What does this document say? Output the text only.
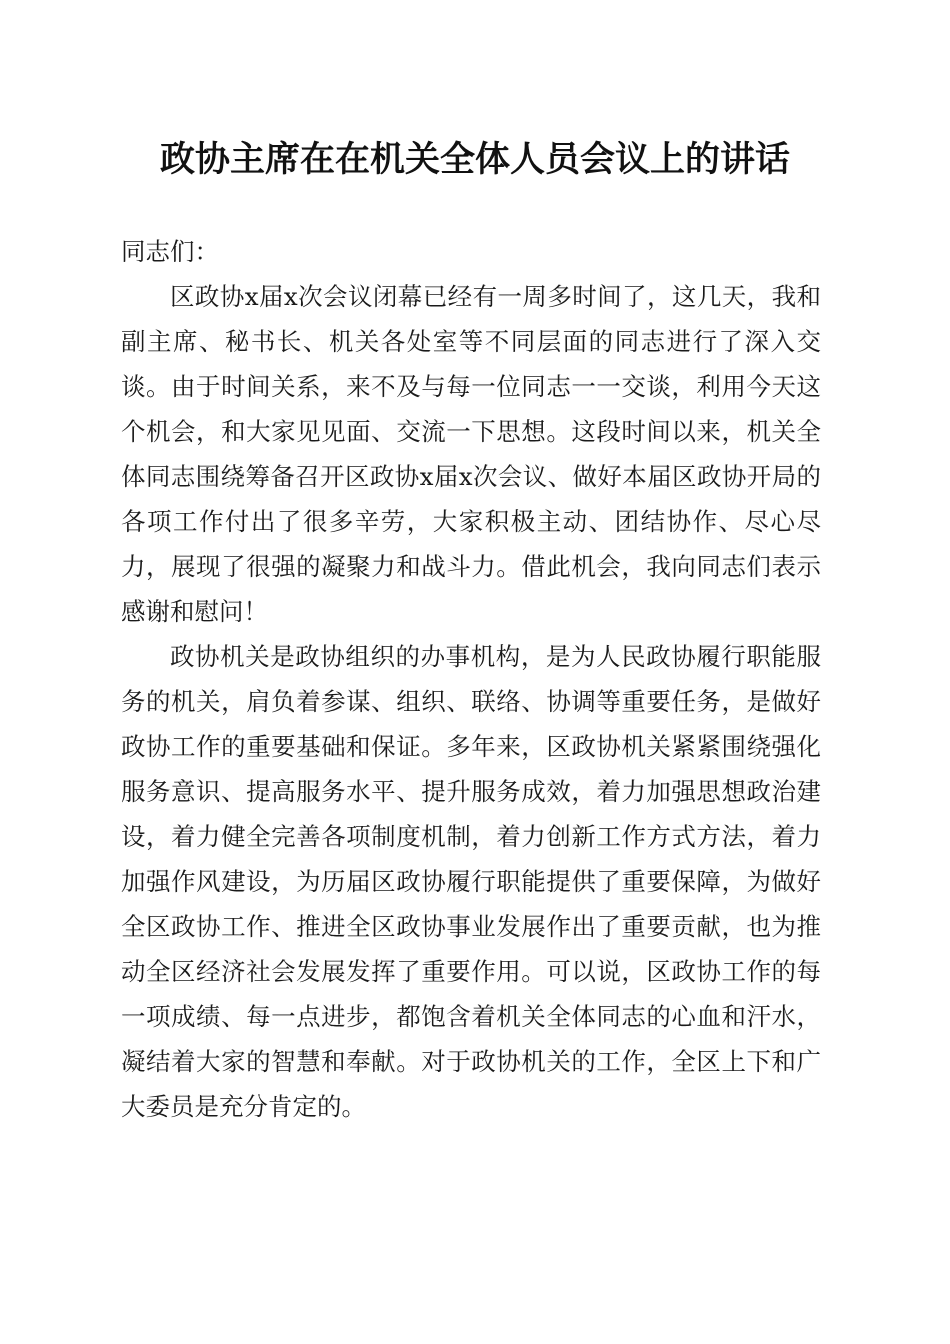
政协主席在在机关全体人员会议上的讲话

同志们：

区政协x届x次会议闭幕已经有一周多时间了，这几天，我和副主席、秘书长、机关各处室等不同层面的同志进行了深入交谈。由于时间关系，来不及与每一位同志一一交谈，利用今天这个机会，和大家见见面、交流一下思想。这段时间以来，机关全体同志围绕筹备召开区政协x届x次会议、做好本届区政协开局的各项工作付出了很多辛劳，大家积极主动、团结协作、尽心尽力，展现了很强的凝聚力和战斗力。借此机会，我向同志们表示感谢和慰问！

政协机关是政协组织的办事机构，是为人民政协履行职能服务的机关，肩负着参谋、组织、联络、协调等重要任务，是做好政协工作的重要基础和保证。多年来，区政协机关紧紧围绕强化服务意识、提高服务水平、提升服务成效，着力加强思想政治建设，着力健全完善各项制度机制，着力创新工作方式方法，着力加强作风建设，为历届区政协履行职能提供了重要保障，为做好全区政协工作、推进全区政协事业发展作出了重要贡献，也为推动全区经济社会发展发挥了重要作用。可以说，区政协工作的每一项成绩、每一点进步，都饱含着机关全体同志的心血和汗水，凝结着大家的智慧和奉献。对于政协机关的工作，全区上下和广大委员是充分肯定的。
